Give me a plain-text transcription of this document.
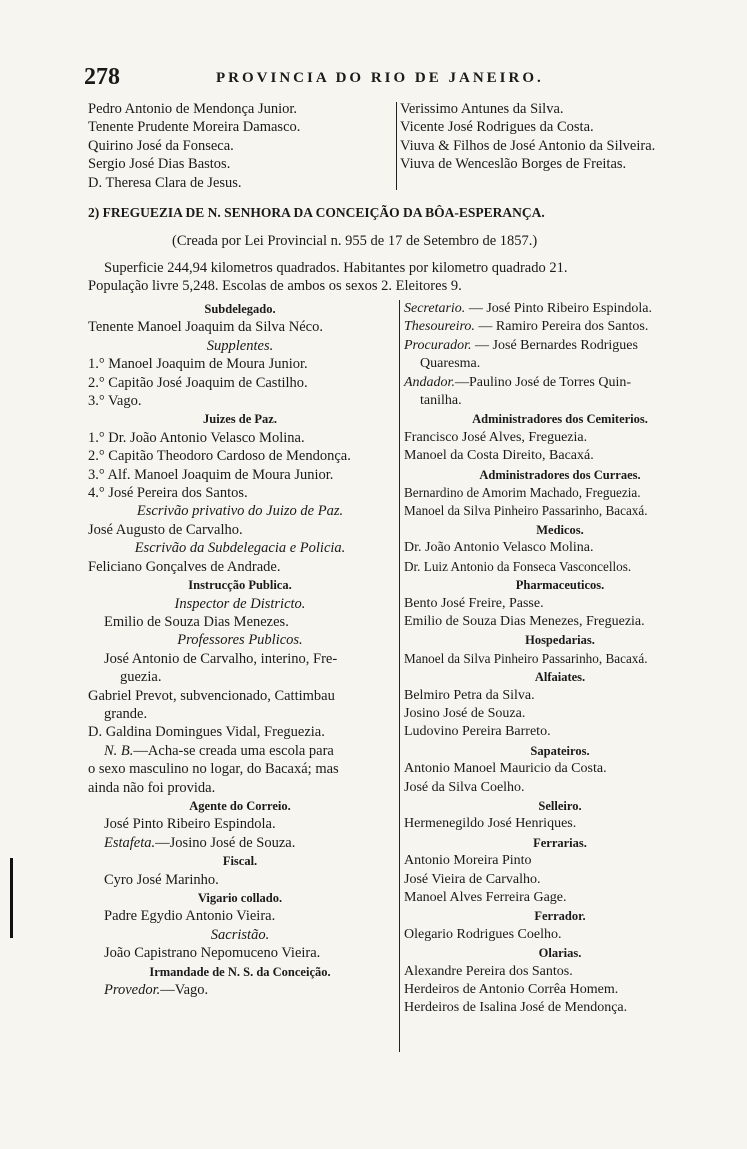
278	PROVINCIA DO RIO DE JANEIRO.
Pedro Antonio de Mendonça Junior.
Tenente Prudente Moreira Damasco.
Quirino José da Fonseca.
Sergio José Dias Bastos.
D. Theresa Clara de Jesus.
Verissimo Antunes da Silva.
Vicente José Rodrigues da Costa.
Viuva & Filhos de José Antonio da Silveira.
Viuva de Wenceslão Borges de Freitas.
2) FREGUEZIA DE N. SENHORA DA CONCEIÇÃO DA BÔA-ESPERANÇA.
(Creada por Lei Provincial n. 955 de 17 de Setembro de 1857.)
Superficie 244,94 kilometros quadrados. Habitantes por kilometro quadrado 21.
População livre 5,248. Escolas de ambos os sexos 2. Eleitores 9.
Subdelegado.
Tenente Manoel Joaquim da Silva Néco.
Supplentes.
1.° Manoel Joaquim de Moura Junior.
2.° Capitão José Joaquim de Castilho.
3.° Vago.
Juizes de Paz.
1.° Dr. João Antonio Velasco Molina.
2.° Capitão Theodoro Cardoso de Mendonça.
3.° Alf. Manoel Joaquim de Moura Junior.
4.° José Pereira dos Santos.
Escrivão privativo do Juizo de Paz.
José Augusto de Carvalho.
Escrivão da Subdelegacia e Policia.
Feliciano Gonçalves de Andrade.
Instrucção Publica.
Inspector de Districto.
Emilio de Souza Dias Menezes.
Professores Publicos.
José Antonio de Carvalho, interino, Fre-
guezia.
Gabriel Prevot, subvencionado, Cattimbau
grande.
D. Galdina Domingues Vidal, Freguezia.
N. B.—Acha-se creada uma escola para
o sexo masculino no logar, do Bacaxá; mas
ainda não foi provida.
Agente do Correio.
José Pinto Ribeiro Espindola.
Estafeta.—Josino José de Souza.
Fiscal.
Cyro José Marinho.
Vigario collado.
Padre Egydio Antonio Vieira.
Sacristão.
João Capistrano Nepomuceno Vieira.
Irmandade de N. S. da Conceição.
Provedor.—Vago.
Secretario. — José Pinto Ribeiro Espindola.
Thesoureiro. — Ramiro Pereira dos Santos.
Procurador. — José Bernardes Rodrigues
Quaresma.
Andador.—Paulino José de Torres Quin-
tanilha.
Administradores dos Cemiterios.
Francisco José Alves, Freguezia.
Manoel da Costa Direito, Bacaxá.
Administradores dos Curraes.
Bernardino de Amorim Machado, Freguezia.
Manoel da Silva Pinheiro Passarinho, Bacaxá.
Medicos.
Dr. João Antonio Velasco Molina.
Dr. Luiz Antonio da Fonseca Vasconcellos.
Pharmaceuticos.
Bento José Freire, Passe.
Emilio de Souza Dias Menezes, Freguezia.
Hospedarias.
Manoel da Silva Pinheiro Passarinho, Bacaxá.
Alfaiates.
Belmiro Petra da Silva.
Josino José de Souza.
Ludovino Pereira Barreto.
Sapateiros.
Antonio Manoel Mauricio da Costa.
José da Silva Coelho.
Selleiro.
Hermenegildo José Henriques.
Ferrarias.
Antonio Moreira Pinto
José Vieira de Carvalho.
Manoel Alves Ferreira Gage.
Ferrador.
Olegario Rodrigues Coelho.
Olarias.
Alexandre Pereira dos Santos.
Herdeiros de Antonio Corrêa Homem.
Herdeiros de Isalina José de Mendonça.
